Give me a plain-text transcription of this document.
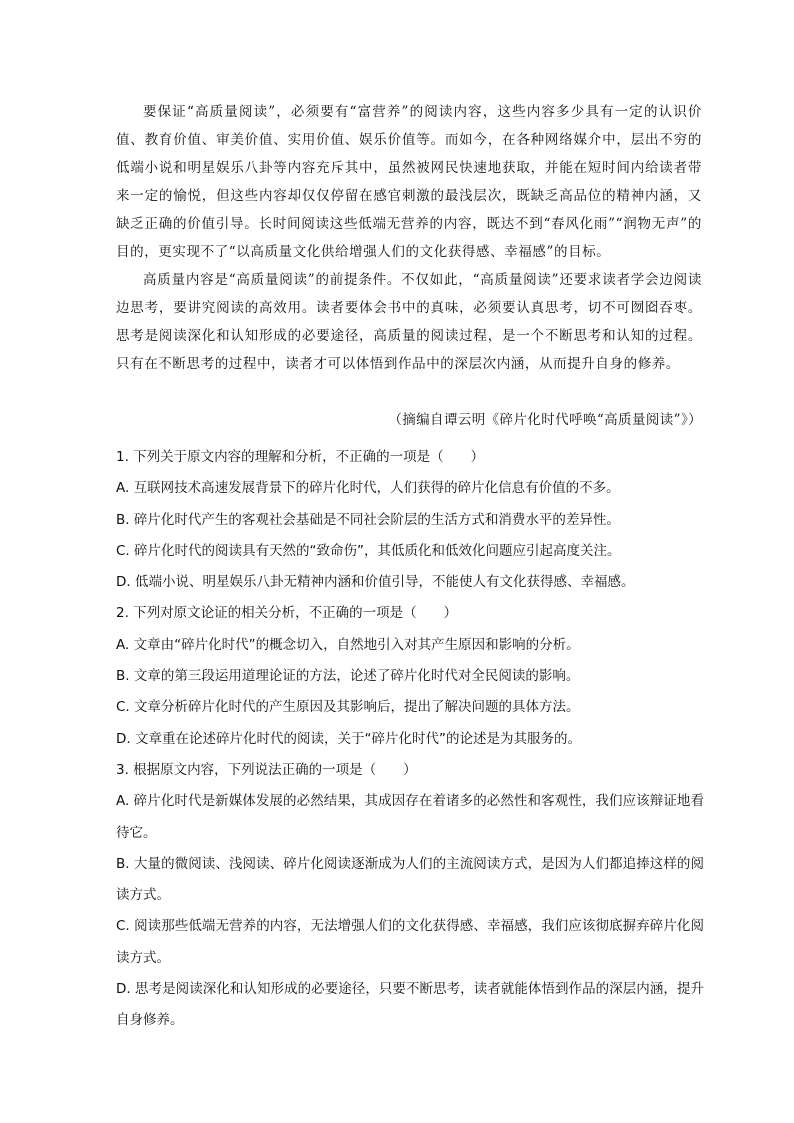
要保证“高质量阅读”，必须要有“富营养”的阅读内容，这些内容多少具有一定的认识价值、教育价值、审美价值、实用价值、娱乐价值等。而如今，在各种网络媒介中，层出不穷的低端小说和明星娱乐八卦等内容充斥其中，虽然被网民快速地获取，并能在短时间内给读者带来一定的愉悦，但这些内容却仅仅停留在感官刺激的最浅层次，既缺乏高品位的精神内涵，又缺乏正确的价值引导。长时间阅读这些低端无营养的内容，既达不到“春风化雨”“润物无声”的目的，更实现不了“以高质量文化供给增强人们的文化获得感、幸福感”的目标。

高质量内容是“高质量阅读”的前提条件。不仅如此，“高质量阅读”还要求读者学会边阅读边思考，要讲究阅读的高效用。读者要体会书中的真味，必须要认真思考，切不可囫囵吞枣。思考是阅读深化和认知形成的必要途径，高质量的阅读过程，是一个不断思考和认知的过程。只有在不断思考的过程中，读者才可以体悟到作品中的深层次内涵，从而提升自身的修养。

（摘编自谭云明《碎片化时代呼唤“高质量阅读”》）
1. 下列关于原文内容的理解和分析，不正确的一项是（　　）
A. 互联网技术高速发展背景下的碎片化时代，人们获得的碎片化信息有价值的不多。
B. 碎片化时代产生的客观社会基础是不同社会阶层的生活方式和消费水平的差异性。
C. 碎片化时代的阅读具有天然的“致命伤”，其低质化和低效化问题应引起高度关注。
D. 低端小说、明星娱乐八卦无精神内涵和价值引导，不能使人有文化获得感、幸福感。
2. 下列对原文论证的相关分析，不正确的一项是（　　）
A. 文章由“碎片化时代”的概念切入，自然地引入对其产生原因和影响的分析。
B. 文章的第三段运用道理论证的方法，论述了碎片化时代对全民阅读的影响。
C. 文章分析碎片化时代的产生原因及其影响后，提出了解决问题的具体方法。
D. 文章重在论述碎片化时代的阅读，关于“碎片化时代”的论述是为其服务的。
3. 根据原文内容，下列说法正确的一项是（　　）
A. 碎片化时代是新媒体发展的必然结果，其成因存在着诸多的必然性和客观性，我们应该辩证地看待它。
B. 大量的微阅读、浅阅读、碎片化阅读逐渐成为人们的主流阅读方式，是因为人们都追捧这样的阅读方式。
C. 阅读那些低端无营养的内容，无法增强人们的文化获得感、幸福感，我们应该彻底摒弃碎片化阅读方式。
D. 思考是阅读深化和认知形成的必要途径，只要不断思考，读者就能体悟到作品的深层内涵，提升自身修养。
